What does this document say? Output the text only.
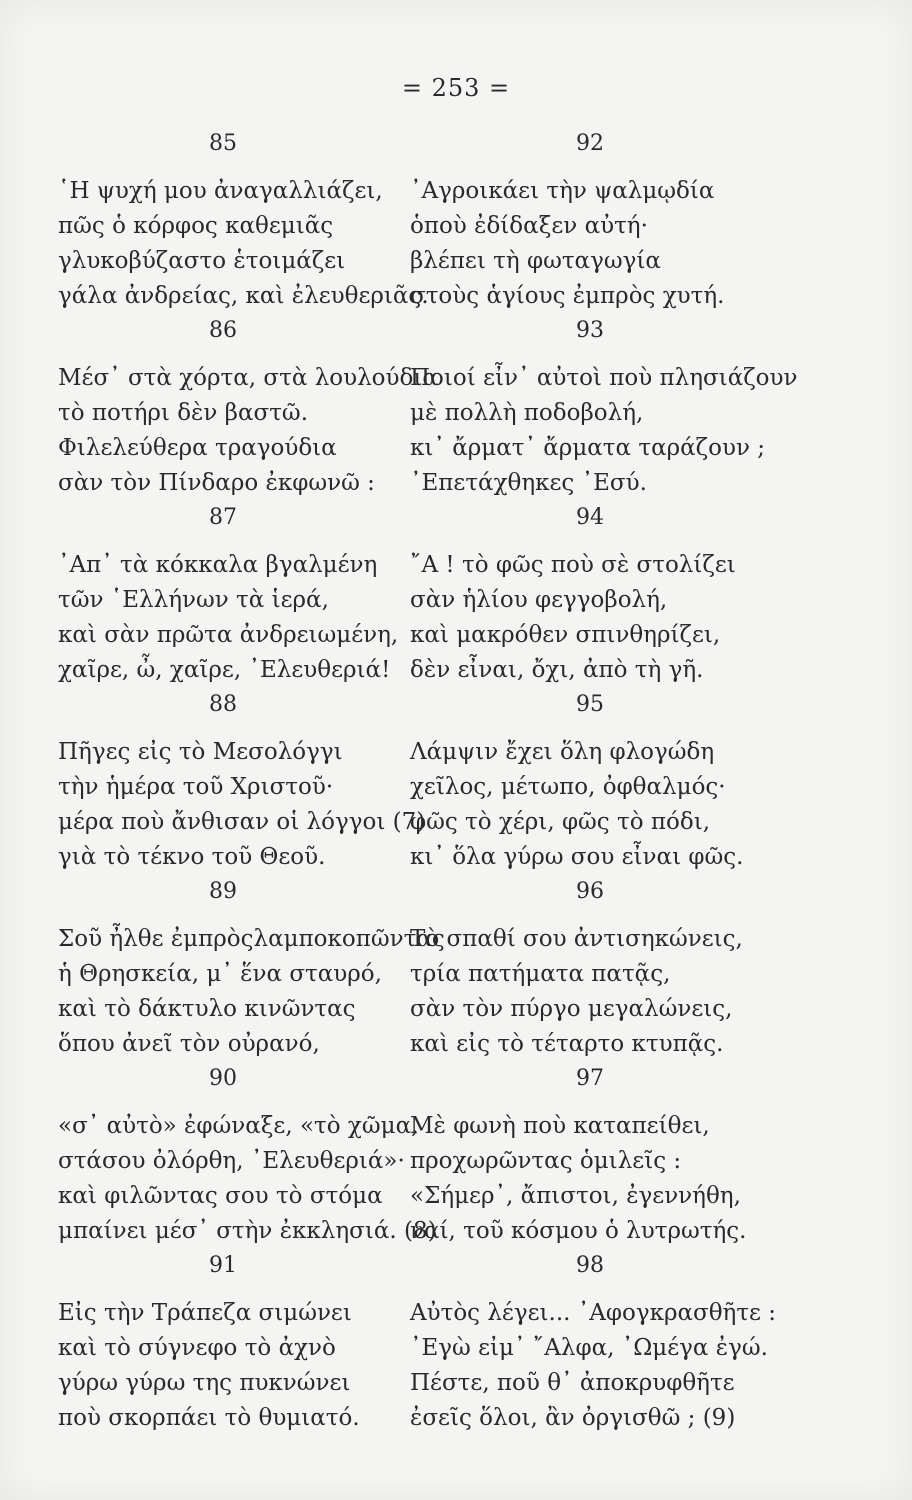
= 253 =
85
῾Η ψυχή μου ἀναγαλλιάζει,
πῶς ὁ κόρφος καθεμιᾶς
γλυκοβύζαστο ἑτοιμάζει
γάλα ἀνδρείας, καὶ ἐλευθεριᾶς.
86
Μέσ᾽ στὰ χόρτα, στὰ λουλούδια
τὸ ποτήρι δὲν βαστῶ.
Φιλελεύθερα τραγούδια
σὰν τὸν Πίνδαρο ἐκφωνῶ :
87
᾽Απ᾽ τὰ κόκκαλα βγαλμένη
τῶν ῾Ελλήνων τὰ ἱερά,
καὶ σὰν πρῶτα ἀνδρειωμένη,
χαῖρε, ὦ, χαῖρε, ᾽Ελευθεριά!
88
Πῆγες εἰς τὸ Μεσολόγγι
τὴν ἡμέρα τοῦ Χριστοῦ·
μέρα ποὺ ἄνθισαν οἱ λόγγοι (7)
γιὰ τὸ τέκνο τοῦ Θεοῦ.
89
Σοῦ ἦλθε ἐμπρὸςλαμποκοπῶντας
ἡ Θρησκεία, μ᾽ ἕνα σταυρό,
καὶ τὸ δάκτυλο κινῶντας
ὅπου ἀνεῖ τὸν οὐρανό,
90
«σ᾽ αὐτὸ» ἐφώναξε, «τὸ χῶμα,
στάσου ὀλόρθη, ᾽Ελευθεριά»·
καὶ φιλῶντας σου τὸ στόμα
μπαίνει μέσ᾽ στὴν ἐκκλησιά. (8)
91
Εἰς τὴν Τράπεζα σιμώνει
καὶ τὸ σύγνεφο τὸ ἀχνὸ
γύρω γύρω της πυκνώνει
ποὺ σκορπάει τὸ θυμιατό.
92
᾽Αγροικάει τὴν ψαλμῳδία
ὁποὺ ἐδίδαξεν αὐτή·
βλέπει τὴ φωταγωγία
στοὺς ἁγίους ἐμπρὸς χυτή.
93
Ποιοί εἶν᾽ αὐτοὶ ποὺ πλησιάζουν
μὲ πολλὴ ποδοβολή,
κι᾽ ἄρματ᾽ ἄρματα ταράζουν ;
᾽Επετάχθηκες ᾽Εσύ.
94
῎Α ! τὸ φῶς ποὺ σὲ στολίζει
σὰν ἡλίου φεγγοβολή,
καὶ μακρόθεν σπινθηρίζει,
δὲν εἶναι, ὄχι, ἀπὸ τὴ γῆ.
95
Λάμψιν ἔχει ὅλη φλογώδη
χεῖλος, μέτωπο, ὀφθαλμός·
φῶς τὸ χέρι, φῶς τὸ πόδι,
κι᾽ ὅλα γύρω σου εἶναι φῶς.
96
Τὸ σπαθί σου ἀντισηκώνεις,
τρία πατήματα πατᾷς,
σὰν τὸν πύργο μεγαλώνεις,
καὶ εἰς τὸ τέταρτο κτυπᾷς.
97
Μὲ φωνὴ ποὺ καταπείθει,
προχωρῶντας ὁμιλεῖς :
«Σήμερ᾽, ἄπιστοι, ἐγεννήθη,
ναί, τοῦ κόσμου ὁ λυτρωτής.
98
Αὐτὸς λέγει... ᾽Αφογκρασθῆτε :
᾽Εγὼ εἰμ᾽ ῎Αλφα, ᾽Ωμέγα ἐγώ.
Πέστε, ποῦ θ᾽ ἀποκρυφθῆτε
ἐσεῖς ὅλοι, ἂν ὀργισθῶ ; (9)
